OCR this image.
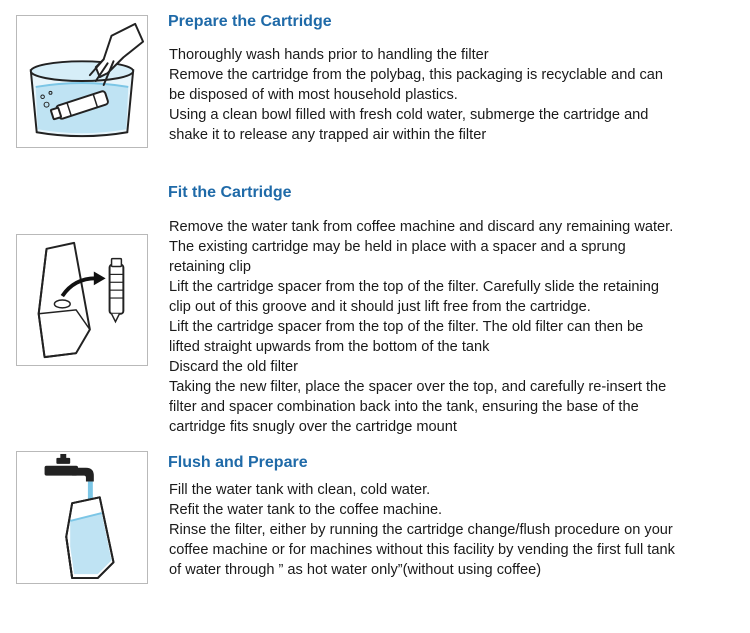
Prepare the Cartridge
Thoroughly wash hands prior to handling the filter
Remove the cartridge from the polybag, this packaging is recyclable and can
be disposed of with most household plastics.
Using a clean bowl filled with fresh cold water, submerge the cartridge and
shake it to release any trapped air within the filter
Fit the Cartridge
Remove the water tank from coffee machine and discard any remaining water.
The existing cartridge may be held in place with a spacer and a sprung
retaining clip
Lift the cartridge spacer from the top of the filter. Carefully slide the retaining
clip out of this groove and it should just lift free from the cartridge.
Lift the cartridge spacer from the top of the filter. The old filter can then be
lifted straight upwards from the bottom of the tank
Discard the old filter
Taking the new filter, place the spacer over the top, and carefully re-insert the
filter and spacer combination back into the tank, ensuring the base of the
cartridge fits snugly over the cartridge mount
Flush and Prepare
Fill the water tank with clean, cold water.
Refit the water tank to the coffee machine.
Rinse the filter, either by running the cartridge change/flush procedure on your
coffee machine or for machines without this facility by vending the first full tank
of water through ” as hot water only”(without using coffee)
